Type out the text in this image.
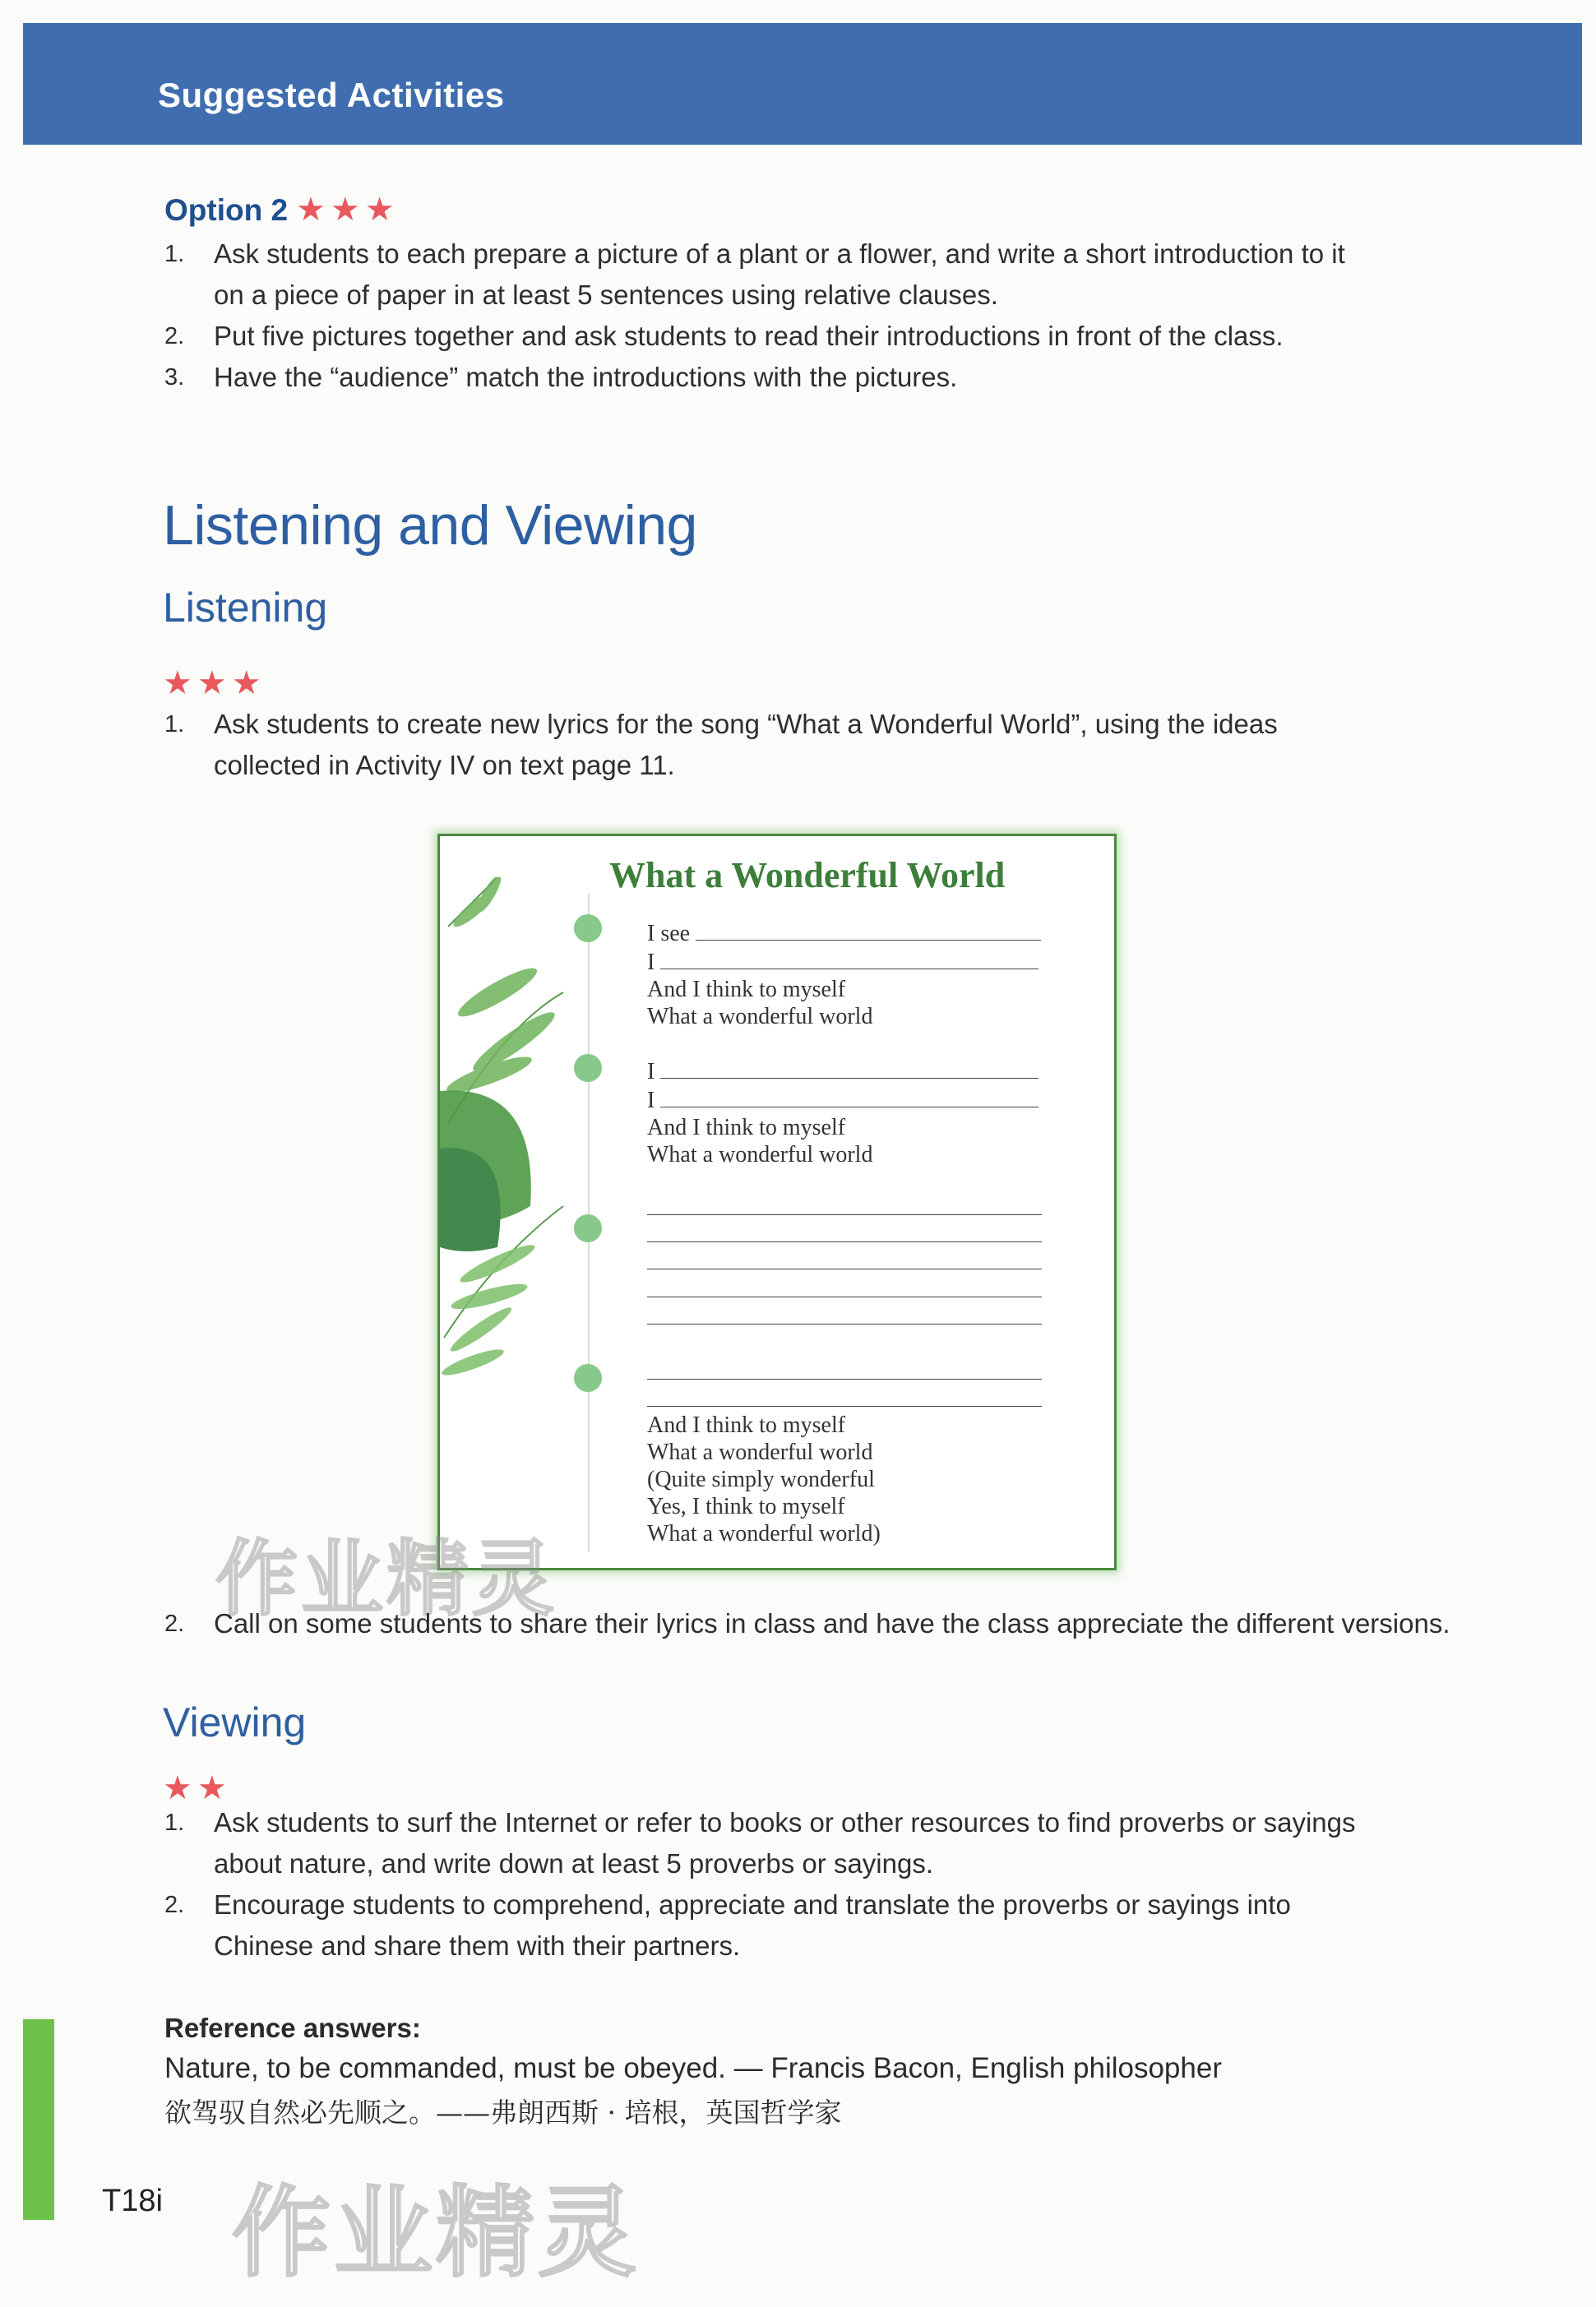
Suggested Activities
Option 2 ★★★
1. Ask students to each prepare a picture of a plant or a flower, and write a short introduction to it
on a piece of paper in at least 5 sentences using relative clauses.
2. Put five pictures together and ask students to read their introductions in front of the class.
3. Have the “audience” match the introductions with the pictures.
Listening and Viewing
Listening
★★★
1. Ask students to create new lyrics for the song “What a Wonderful World”, using the ideas
collected in Activity IV on text page 11.
What a Wonderful World
I see
I
And I think to myself
What a wonderful world
I
I
And I think to myself
What a wonderful world
And I think to myself
What a wonderful world
(Quite simply wonderful
Yes, I think to myself
What a wonderful world)
作业精灵
2. Call on some students to share their lyrics in class and have the class appreciate the different versions.
Viewing
★★
1. Ask students to surf the Internet or refer to books or other resources to find proverbs or sayings
about nature, and write down at least 5 proverbs or sayings.
2. Encourage students to comprehend, appreciate and translate the proverbs or sayings into
Chinese and share them with their partners.
Reference answers:
Nature, to be commanded, must be obeyed. — Francis Bacon, English philosopher
欲驾驭自然必先顺之。——弗朗西斯 · 培根，英国哲学家
T18i 作业精灵
